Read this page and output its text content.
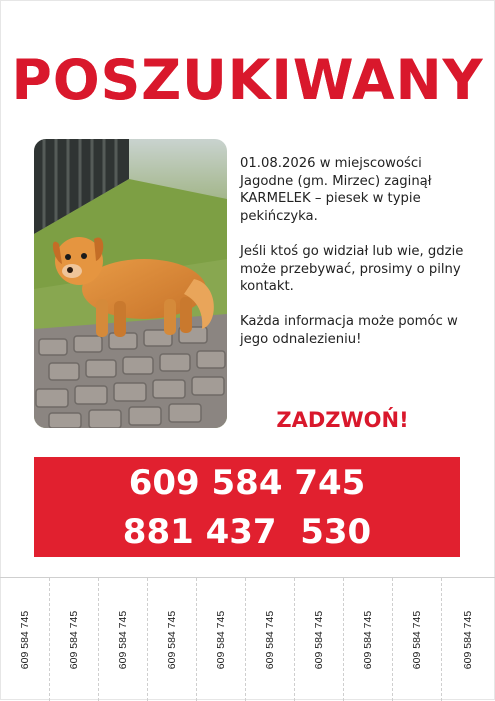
POSZUKIWANY

01.08.2026 w miejscowości Jagodne (gm. Mirzec) zaginął KARMELEK – piesek w typie pekińczyka.

Jeśli ktoś go widział lub wie, gdzie może przebywać, prosimy o pilny kontakt.

Każda informacja może pomóc w jego odnalezieniu!

ZADZWOŃ!
609 584 745
881 437  530
609 584 745	609 584 745	609 584 745	609 584 745	609 584 745	609 584 745	609 584 745	609 584 745	609 584 745	609 584 745
